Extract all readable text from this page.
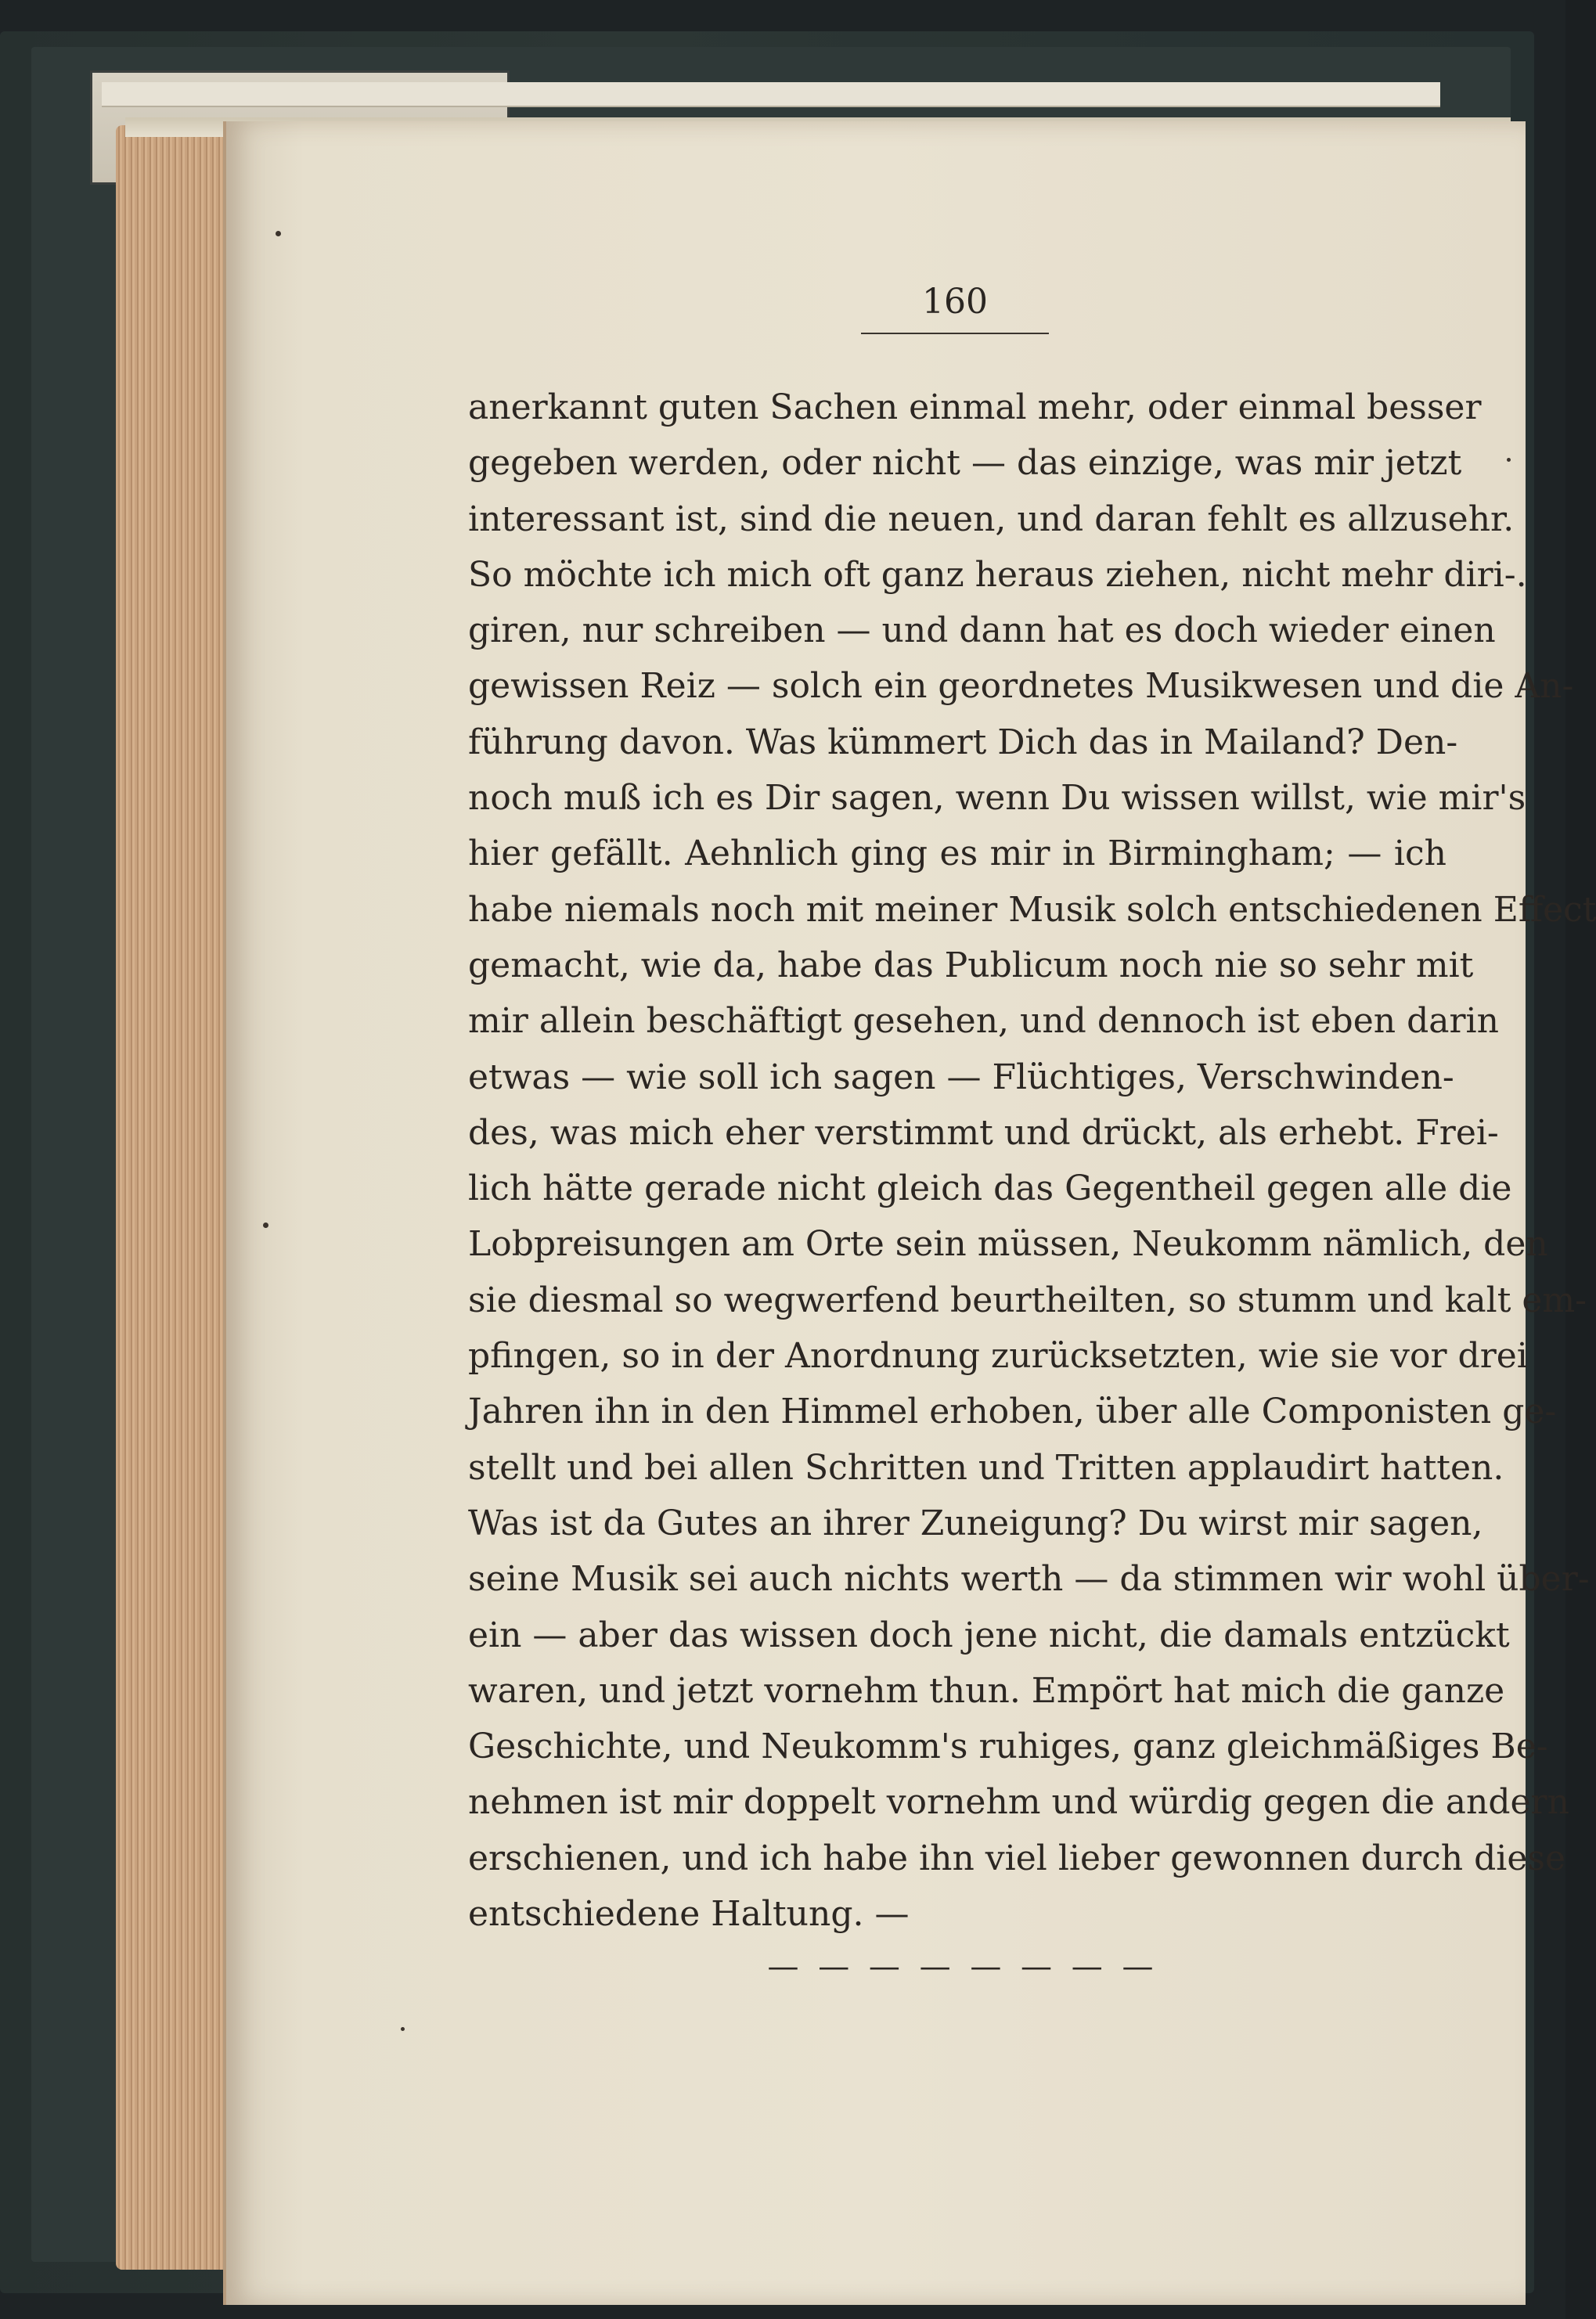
160

anerkannt guten Sachen einmal mehr, oder einmal besser
gegeben werden, oder nicht — das einzige, was mir jetzt
interessant ist, sind die neuen, und daran fehlt es allzusehr.
So möchte ich mich oft ganz heraus ziehen, nicht mehr diri-.
giren, nur schreiben — und dann hat es doch wieder einen
gewissen Reiz — solch ein geordnetes Musikwesen und die An-
führung davon. Was kümmert Dich das in Mailand? Den-
noch muß ich es Dir sagen, wenn Du wissen willst, wie mir's
hier gefällt. Aehnlich ging es mir in Birmingham; — ich
habe niemals noch mit meiner Musik solch entschiedenen Effect
gemacht, wie da, habe das Publicum noch nie so sehr mit
mir allein beschäftigt gesehen, und dennoch ist eben darin
etwas — wie soll ich sagen — Flüchtiges, Verschwinden-
des, was mich eher verstimmt und drückt, als erhebt. Frei-
lich hätte gerade nicht gleich das Gegentheil gegen alle die
Lobpreisungen am Orte sein müssen, Neukomm nämlich, den
sie diesmal so wegwerfend beurtheilten, so stumm und kalt em-
pfingen, so in der Anordnung zurücksetzten, wie sie vor drei
Jahren ihn in den Himmel erhoben, über alle Componisten ge-
stellt und bei allen Schritten und Tritten applaudirt hatten.
Was ist da Gutes an ihrer Zuneigung? Du wirst mir sagen,
seine Musik sei auch nichts werth — da stimmen wir wohl über-
ein — aber das wissen doch jene nicht, die damals entzückt
waren, und jetzt vornehm thun. Empört hat mich die ganze
Geschichte, und Neukomm's ruhiges, ganz gleichmäßiges Be-
nehmen ist mir doppelt vornehm und würdig gegen die andern
erschienen, und ich habe ihn viel lieber gewonnen durch diese
entschiedene Haltung. —

— — — — — — — —
